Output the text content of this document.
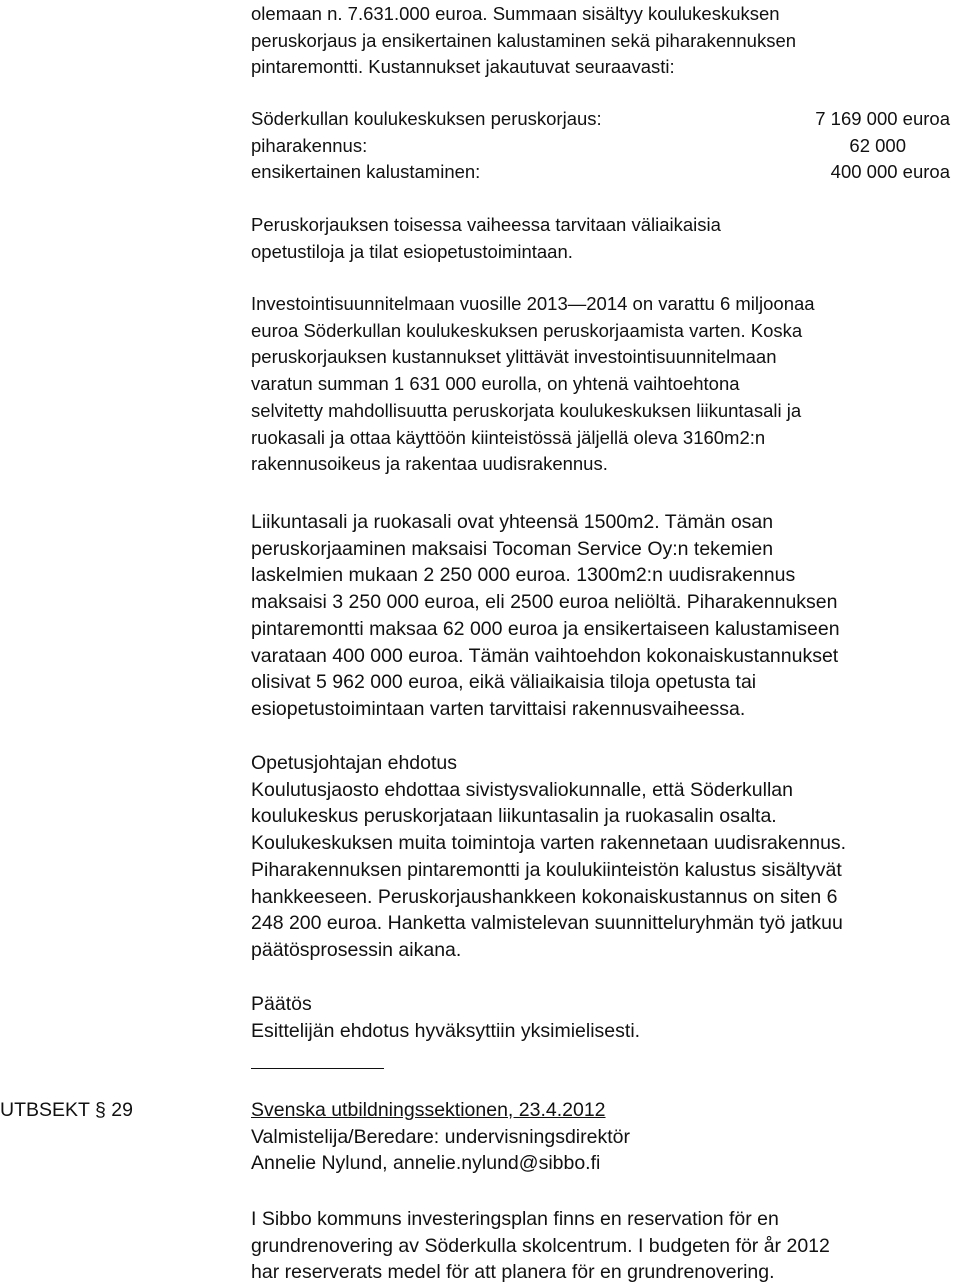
olemaan n. 7.631.000 euroa. Summaan sisältyy koulukeskuksen
peruskorjaus ja ensikertainen kalustaminen sekä piharakennuksen
pintaremontti. Kustannukset jakautuvat seuraavasti:
Söderkullan koulukeskuksen peruskorjaus:	7 169 000 euroa
piharakennus:	62 000
ensikertainen kalustaminen:	400 000 euroa
Peruskorjauksen toisessa vaiheessa tarvitaan väliaikaisia
opetustiloja ja tilat esiopetustoimintaan.
Investointisuunnitelmaan vuosille 2013—2014 on varattu 6 miljoonaa
euroa Söderkullan koulukeskuksen peruskorjaamista varten. Koska
peruskorjauksen kustannukset ylittävät investointisuunnitelmaan
varatun summan 1 631 000 eurolla, on yhtenä vaihtoehtona
selvitetty mahdollisuutta peruskorjata koulukeskuksen liikuntasali ja
ruokasali ja ottaa käyttöön kiinteistössä jäljellä oleva 3160m2:n
rakennusoikeus ja rakentaa uudisrakennus.
Liikuntasali ja ruokasali ovat yhteensä 1500m2. Tämän osan
peruskorjaaminen maksaisi Tocoman Service Oy:n tekemien
laskelmien mukaan 2 250 000 euroa. 1300m2:n uudisrakennus
maksaisi 3 250 000 euroa, eli 2500 euroa neliöltä. Piharakennuksen
pintaremontti maksaa 62 000 euroa ja ensikertaiseen kalustamiseen
varataan 400 000 euroa. Tämän vaihtoehdon kokonaiskustannukset
olisivat 5 962 000 euroa, eikä väliaikaisia tiloja opetusta tai
esiopetustoimintaan varten tarvittaisi rakennusvaiheessa.
Opetusjohtajan ehdotus
Koulutusjaosto ehdottaa sivistysvaliokunnalle, että Söderkullan
koulukeskus peruskorjataan liikuntasalin ja ruokasalin osalta.
Koulukeskuksen muita toimintoja varten rakennetaan uudisrakennus.
Piharakennuksen pintaremontti ja koulukiinteistön kalustus sisältyvät
hankkeeseen. Peruskorjaushankkeen kokonaiskustannus on siten 6
248 200 euroa. Hanketta valmistelevan suunnitteluryhmän työ jatkuu
päätösprosessin aikana.
Päätös
Esittelijän ehdotus hyväksyttiin yksimielisesti.
UTBSEKT § 29	Svenska utbildningssektionen, 23.4.2012
Valmistelija/Beredare: undervisningsdirektör
Annelie Nylund, annelie.nylund@sibbo.fi
I Sibbo kommuns investeringsplan finns en reservation för en
grundrenovering av Söderkulla skolcentrum. I budgeten för år 2012
har reserverats medel för att planera för en grundrenovering.
